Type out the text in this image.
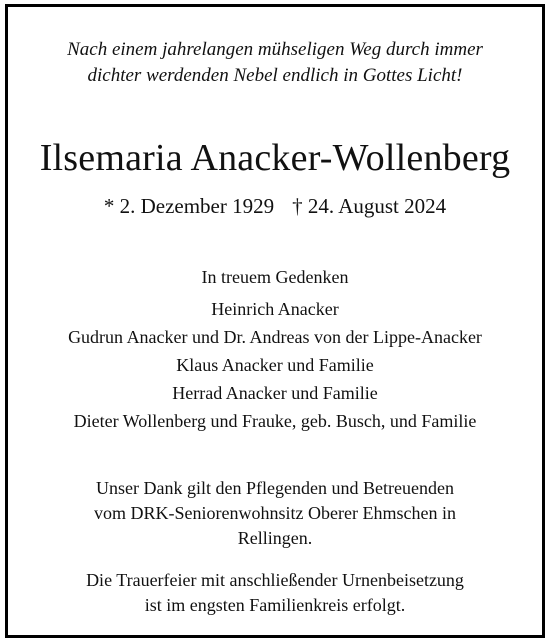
Nach einem jahrelangen mühseligen Weg durch immer
dichter werdenden Nebel endlich in Gottes Licht!
Ilsemaria Anacker-Wollenberg
* 2. Dezember 1929 † 24. August 2024
In treuem Gedenken
Heinrich Anacker
Gudrun Anacker und Dr. Andreas von der Lippe-Anacker
Klaus Anacker und Familie
Herrad Anacker und Familie
Dieter Wollenberg und Frauke, geb. Busch, und Familie
Unser Dank gilt den Pflegenden und Betreuenden
vom DRK-Seniorenwohnsitz Oberer Ehmschen in
Rellingen.
Die Trauerfeier mit anschließender Urnenbeisetzung
ist im engsten Familienkreis erfolgt.
